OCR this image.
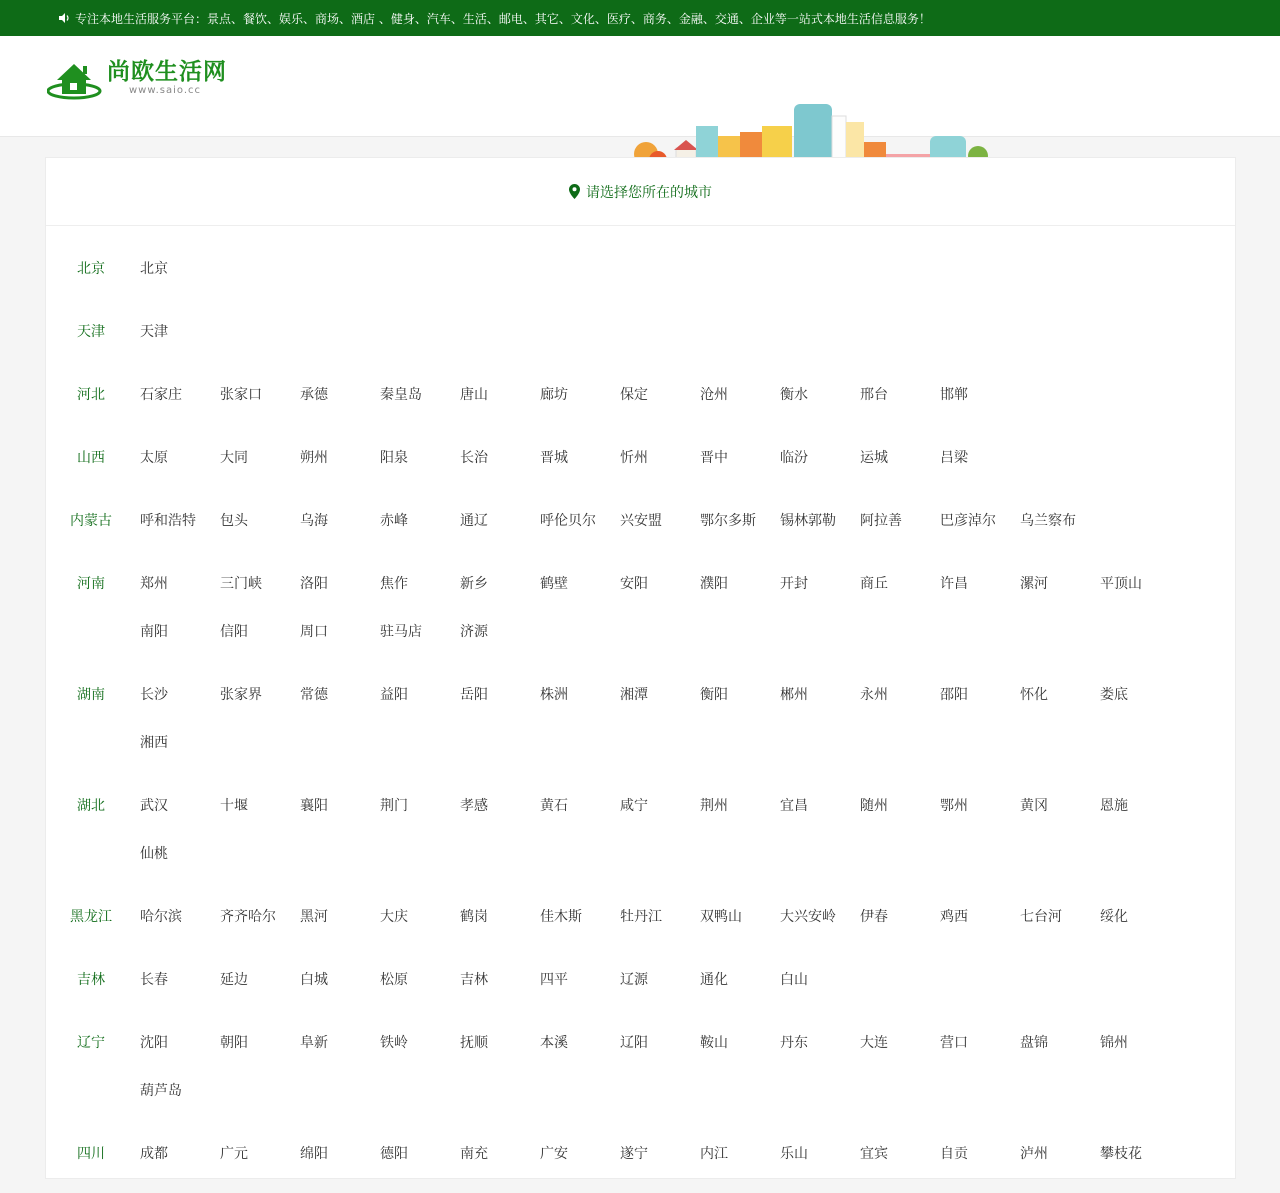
专注本地生活服务平台：景点、餐饮、娱乐、商场、酒店 、健身、汽车、生活、邮电、其它、文化、医疗、商务、金融、交通、企业等一站式本地生活信息服务！
尚欧生活网
www.saio.cc
请选择您所在的城市
北京	北京
天津	天津
河北	石家庄	张家口	承德	秦皇岛	唐山	廊坊	保定	沧州	衡水	邢台	邯郸
山西	太原	大同	朔州	阳泉	长治	晋城	忻州	晋中	临汾	运城	吕梁
内蒙古	呼和浩特	包头	乌海	赤峰	通辽	呼伦贝尔	兴安盟	鄂尔多斯	锡林郭勒	阿拉善	巴彦淖尔	乌兰察布
河南	郑州	三门峡	洛阳	焦作	新乡	鹤壁	安阳	濮阳	开封	商丘	许昌	漯河	平顶山
南阳	信阳	周口	驻马店	济源
湖南	长沙	张家界	常德	益阳	岳阳	株洲	湘潭	衡阳	郴州	永州	邵阳	怀化	娄底
湘西
湖北	武汉	十堰	襄阳	荆门	孝感	黄石	咸宁	荆州	宜昌	随州	鄂州	黄冈	恩施
仙桃
黑龙江	哈尔滨	齐齐哈尔	黑河	大庆	鹤岗	佳木斯	牡丹江	双鸭山	大兴安岭	伊春	鸡西	七台河	绥化
吉林	长春	延边	白城	松原	吉林	四平	辽源	通化	白山
辽宁	沈阳	朝阳	阜新	铁岭	抚顺	本溪	辽阳	鞍山	丹东	大连	营口	盘锦	锦州
葫芦岛
四川	成都	广元	绵阳	德阳	南充	广安	遂宁	内江	乐山	宜宾	自贡	泸州	攀枝花
